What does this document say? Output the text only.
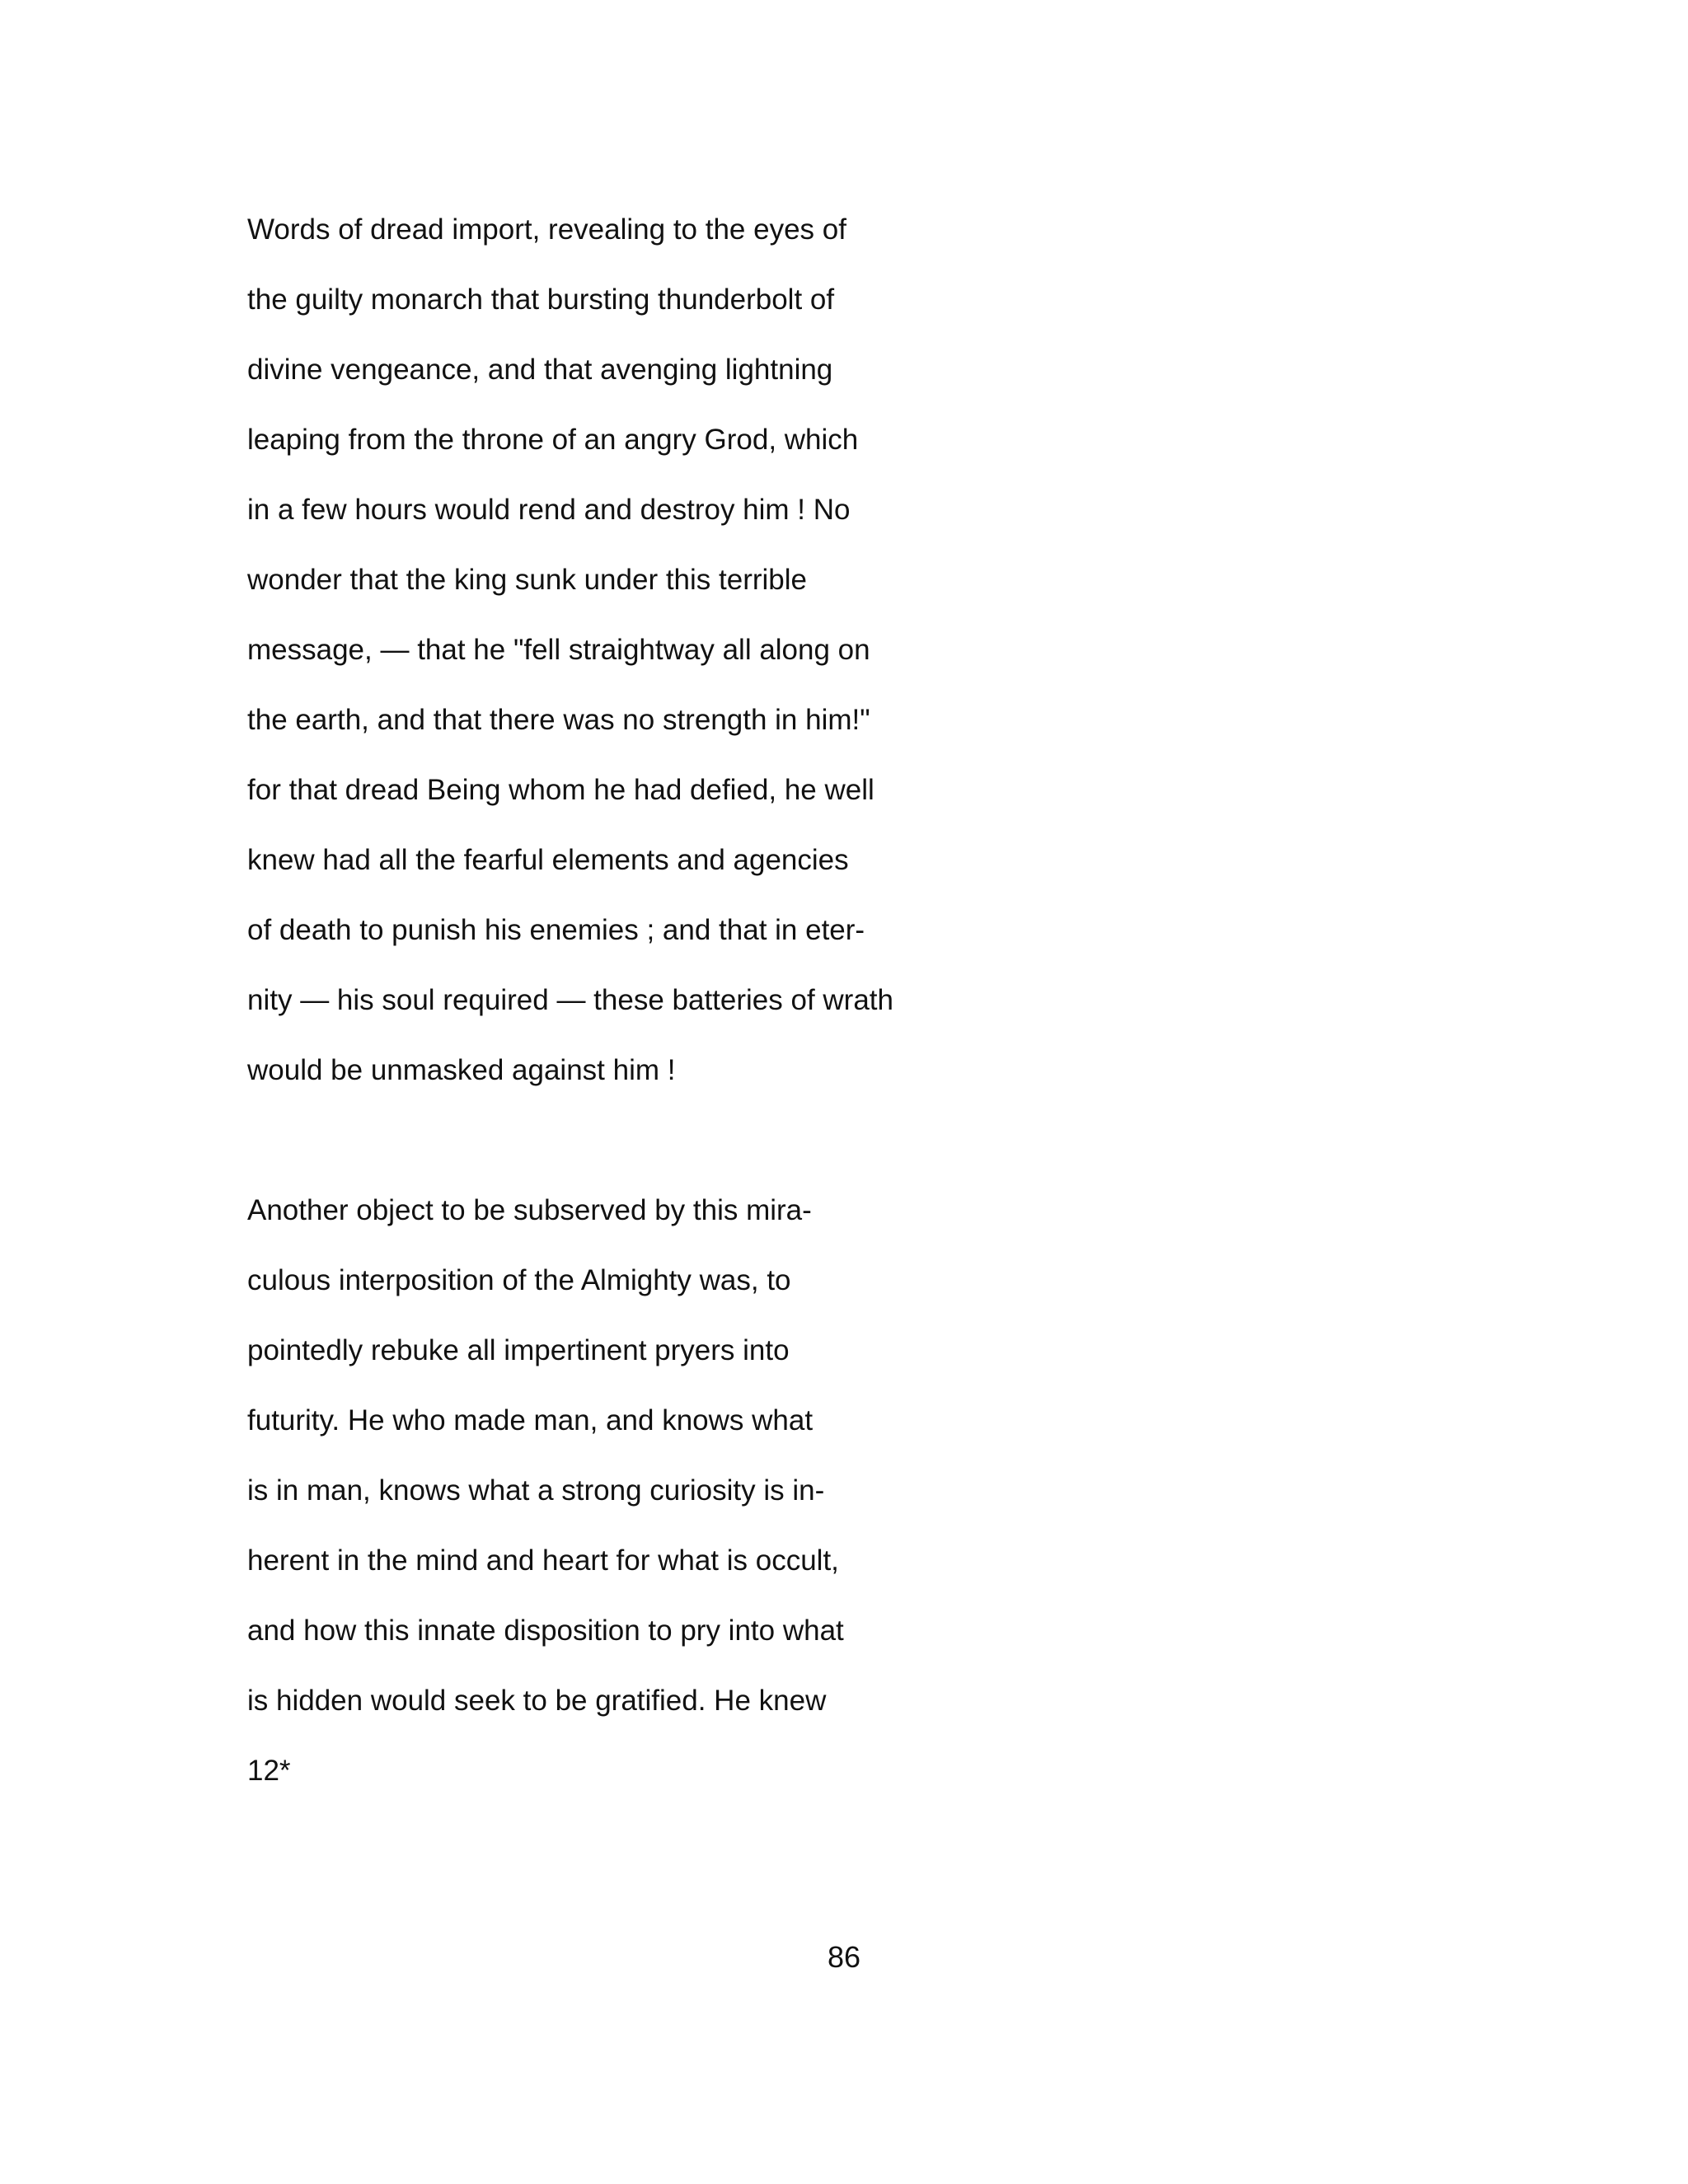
Words of dread import, revealing to the eyes of
the guilty monarch that bursting thunderbolt of
divine vengeance, and that avenging lightning
leaping from the throne of an angry Grod, which
in a few hours would rend and destroy him ! No
wonder that the king sunk under this terrible
message, — that he "fell straightway all along on
the earth, and that there was no strength in him!"
for that dread Being whom he had defied, he well
knew had all the fearful elements and agencies
of death to punish his enemies ; and that in eter-
nity — his soul required — these batteries of wrath
would be unmasked against him !
Another object to be subserved by this mira-
culous interposition of the Almighty was, to
pointedly rebuke all impertinent pryers into
futurity. He who made man, and knows what
is in man, knows what a strong curiosity is in-
herent in the mind and heart for what is occult,
and how this innate disposition to pry into what
is hidden would seek to be gratified. He knew
12*
86
